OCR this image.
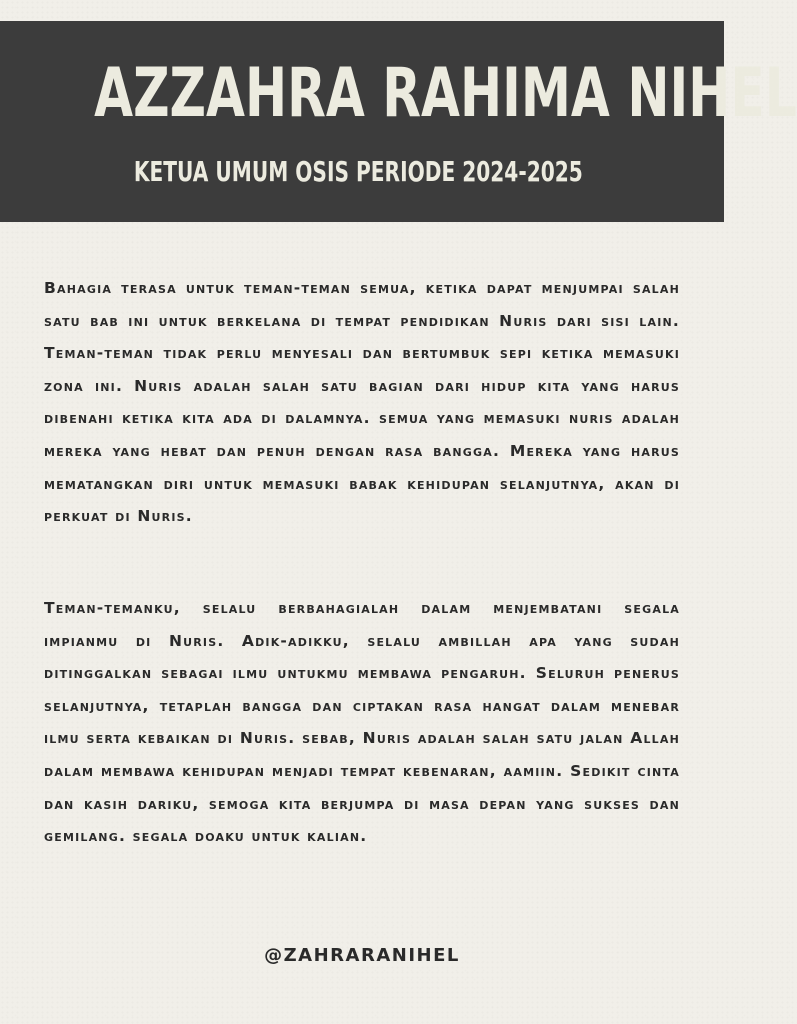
AZZAHRA RAHIMA NIHEL
KETUA UMUM OSIS PERIODE 2024-2025

Bahagia terasa untuk teman-teman semua, ketika dapat menjumpai salah satu bab ini untuk berkelana di tempat pendidikan Nuris dari sisi lain. Teman-teman tidak perlu menyesali dan bertumbuk sepi ketika memasuki zona ini. Nuris adalah salah satu bagian dari hidup kita yang harus dibenahi ketika kita ada di dalamnya. semua yang memasuki nuris adalah mereka yang hebat dan penuh dengan rasa bangga. Mereka yang harus mematangkan diri untuk memasuki babak kehidupan selanjutnya, akan di perkuat di Nuris.

Teman-temanku, selalu berbahagialah dalam menjembatani segala impianmu di Nuris. Adik-adikku, selalu ambillah apa yang sudah ditinggalkan sebagai ilmu untukmu membawa pengaruh. Seluruh penerus selanjutnya, tetaplah bangga dan ciptakan rasa hangat dalam menebar ilmu serta kebaikan di Nuris. sebab, Nuris adalah salah satu jalan Allah dalam membawa kehidupan menjadi tempat kebenaran, aamiin. Sedikit cinta dan kasih dariku, semoga kita berjumpa di masa depan yang sukses dan gemilang. segala doaku untuk kalian.

@ZAHRARANIHEL
